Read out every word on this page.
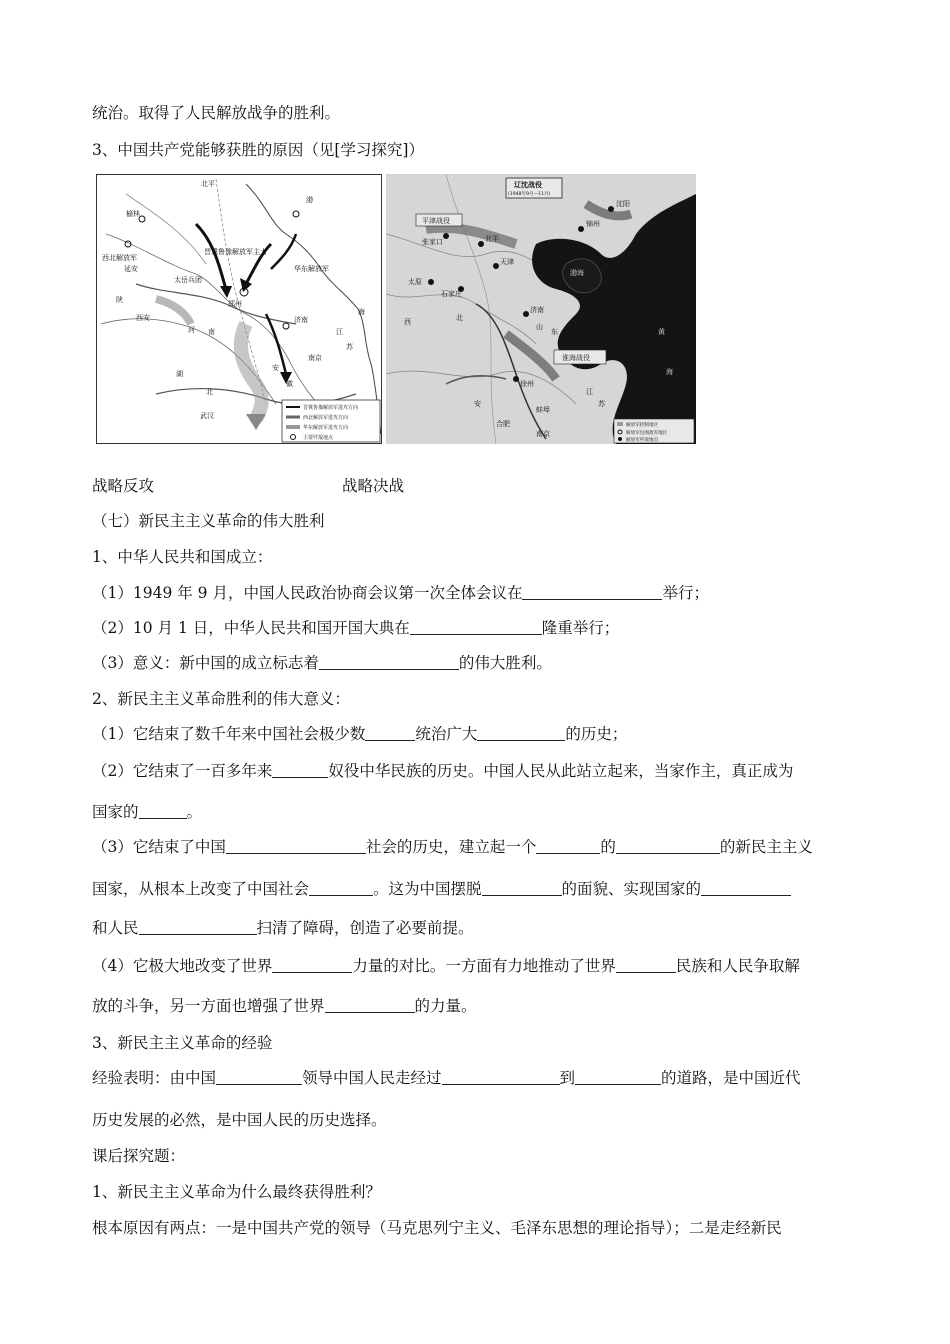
统治。取得了人民解放战争的胜利。
3、中国共产党能够获胜的原因（见[学习探究]）
北平
渤
榆林
西北解放军
延安
太岳兵团
晋冀鲁豫解放军主力
华东解放军
陕
西安
河 南
湖
北
武汉
安
徽
南京
江
苏
海
济南
郑州
晋冀鲁豫解放军进攻方向
西北解放军进攻方向
华东解放军进攻方向
主要歼敌地点
辽沈战役
(1948年9月—11月)
平津战役
淮海战役
沈阳
锦州
张家口	北平
天津
太原
石家庄
渤海
济南
徐州
黄
海
山
东
西	北
江
苏
蚌埠
合肥
南京
安
解放军控制地区
解放军包围敌军地区
解放军歼敌地点
战略反攻	战略决战
（七）新民主主义革命的伟大胜利
1、中华人民共和国成立：
（1）1949 年 9 月，中国人民政治协商会议第一次全体会议在	举行；
（2）10 月 1 日，中华人民共和国开国大典在	隆重举行；
（3）意义：新中国的成立标志着	的伟大胜利。
2、新民主主义革命胜利的伟大意义：
（1）它结束了数千年来中国社会极少数	统治广大	的历史；
（2）它结束了一百多年来	奴役中华民族的历史。中国人民从此站立起来，当家作主，真正成为
国家的	。
（3）它结束了中国	社会的历史，建立起一个	的	的新民主主义
国家，从根本上改变了中国社会	。这为中国摆脱	的面貌、实现国家的
和人民	扫清了障碍，创造了必要前提。
（4）它极大地改变了世界	力量的对比。一方面有力地推动了世界	民族和人民争取解
放的斗争，另一方面也增强了世界	的力量。
3、新民主主义革命的经验
经验表明：由中国	领导中国人民走经过	到	的道路，是中国近代
历史发展的必然，是中国人民的历史选择。
课后探究题：
1、新民主主义革命为什么最终获得胜利？
根本原因有两点：一是中国共产党的领导（马克思列宁主义、毛泽东思想的理论指导）；二是走经新民
